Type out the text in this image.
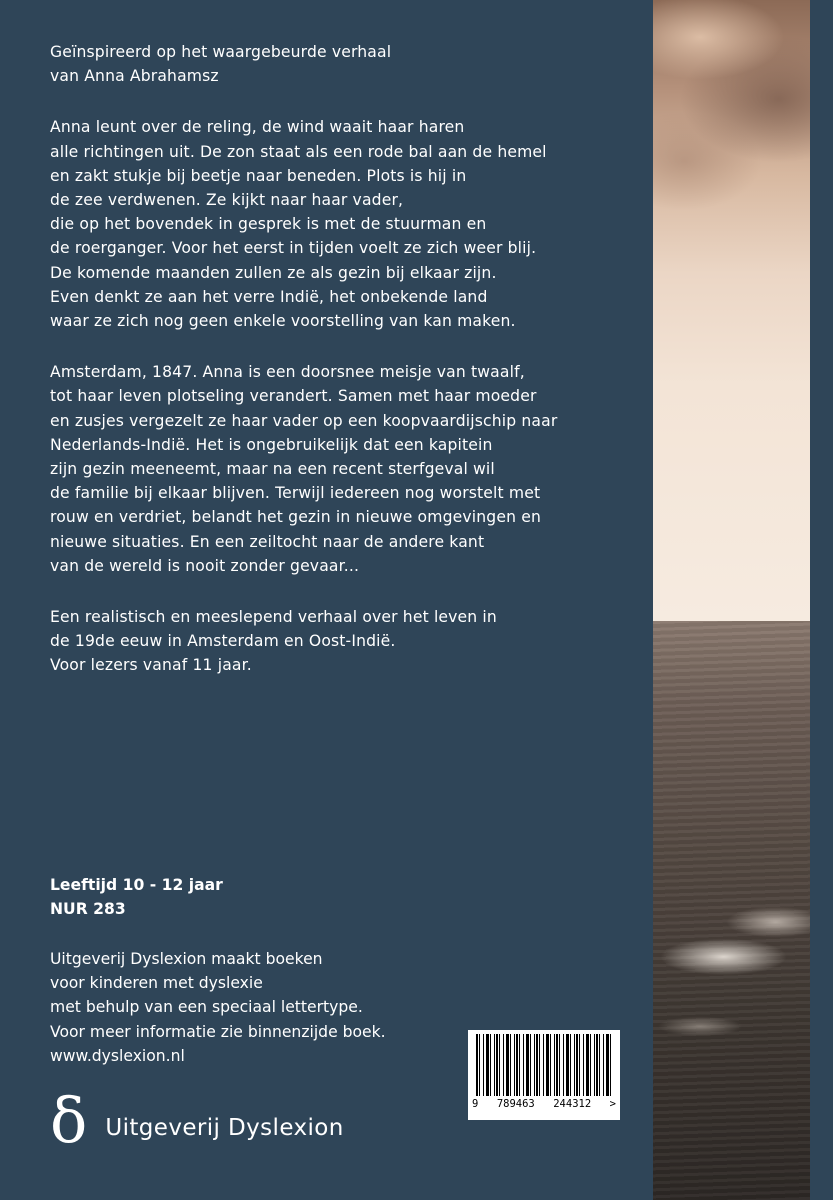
Geïnspireerd op het waargebeurde verhaal
van Anna Abrahamsz

Anna leunt over de reling, de wind waait haar haren
alle richtingen uit. De zon staat als een rode bal aan de hemel
en zakt stukje bij beetje naar beneden. Plots is hij in
de zee verdwenen. Ze kijkt naar haar vader,
die op het bovendek in gesprek is met de stuurman en
de roerganger. Voor het eerst in tijden voelt ze zich weer blij.
De komende maanden zullen ze als gezin bij elkaar zijn.
Even denkt ze aan het verre Indië, het onbekende land
waar ze zich nog geen enkele voorstelling van kan maken.

Amsterdam, 1847. Anna is een doorsnee meisje van twaalf,
tot haar leven plotseling verandert. Samen met haar moeder
en zusjes vergezelt ze haar vader op een koopvaardijschip naar
Nederlands-Indië. Het is ongebruikelijk dat een kapitein
zijn gezin meeneemt, maar na een recent sterfgeval wil
de familie bij elkaar blijven. Terwijl iedereen nog worstelt met
rouw en verdriet, belandt het gezin in nieuwe omgevingen en
nieuwe situaties. En een zeiltocht naar de andere kant
van de wereld is nooit zonder gevaar...

Een realistisch en meeslepend verhaal over het leven in
de 19de eeuw in Amsterdam en Oost-Indië.
Voor lezers vanaf 11 jaar.

Leeftijd 10 - 12 jaar
NUR 283
Uitgeverij Dyslexion maakt boeken
voor kinderen met dyslexie
met behulp van een speciaal lettertype.
Voor meer informatie zie binnenzijde boek.
www.dyslexion.nl
δ Uitgeverij Dyslexion
9 789463 244312 >
